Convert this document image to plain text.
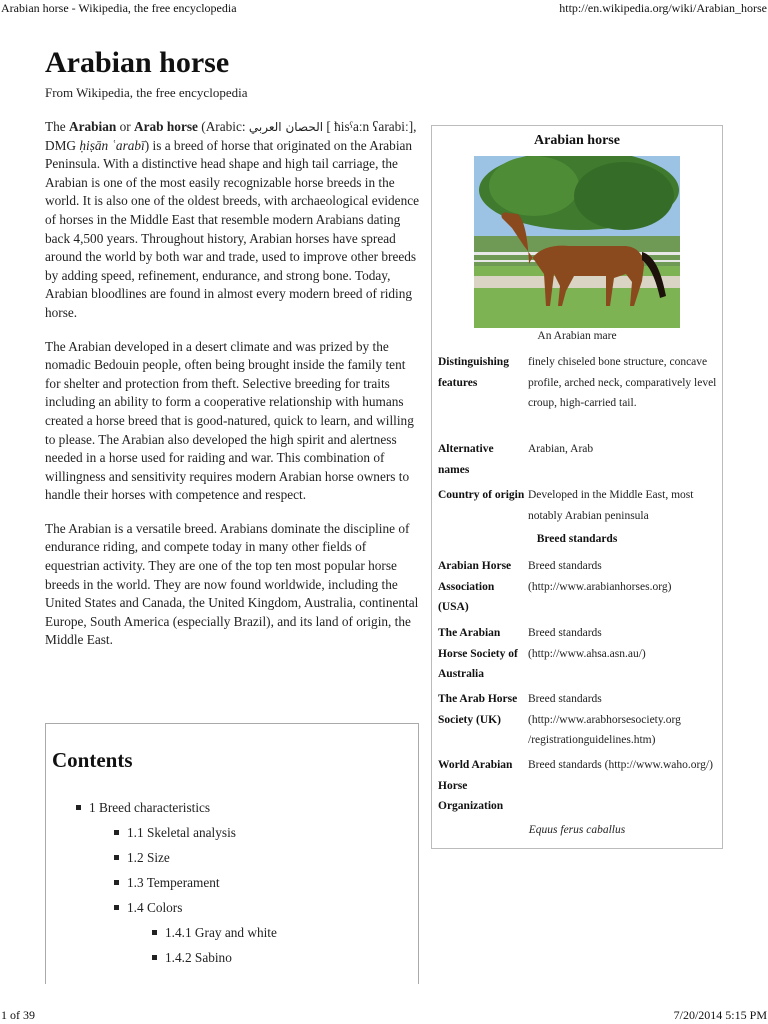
Arabian horse - Wikipedia, the free encyclopedia	http://en.wikipedia.org/wiki/Arabian_horse
Arabian horse
From Wikipedia, the free encyclopedia

The Arabian or Arab horse (Arabic: الحصان العربي [ ħisˤaːn ʕarabiː], DMG ḥiṣān ʿarabī) is a breed of horse that originated on the Arabian Peninsula. With a distinctive head shape and high tail carriage, the Arabian is one of the most easily recognizable horse breeds in the world. It is also one of the oldest breeds, with archaeological evidence of horses in the Middle East that resemble modern Arabians dating back 4,500 years. Throughout history, Arabian horses have spread around the world by both war and trade, used to improve other breeds by adding speed, refinement, endurance, and strong bone. Today, Arabian bloodlines are found in almost every modern breed of riding horse.

The Arabian developed in a desert climate and was prized by the nomadic Bedouin people, often being brought inside the family tent for shelter and protection from theft. Selective breeding for traits including an ability to form a cooperative relationship with humans created a horse breed that is good-natured, quick to learn, and willing to please. The Arabian also developed the high spirit and alertness needed in a horse used for raiding and war. This combination of willingness and sensitivity requires modern Arabian horse owners to handle their horses with competence and respect.

The Arabian is a versatile breed. Arabians dominate the discipline of endurance riding, and compete today in many other fields of equestrian activity. They are one of the top ten most popular horse breeds in the world. They are now found worldwide, including the United States and Canada, the United Kingdom, Australia, continental Europe, South America (especially Brazil), and its land of origin, the Middle East.

Contents
1 Breed characteristics
1.1 Skeletal analysis
1.2 Size
1.3 Temperament
1.4 Colors
1.4.1 Gray and white
1.4.2 Sabino
Arabian horse
An Arabian mare
Distinguishing features
finely chiseled bone structure, concave profile, arched neck, comparatively level croup, high-carried tail.
Alternative names
Arabian, Arab
Country of origin Developed in the Middle East, most notably Arabian peninsula
Breed standards
Arabian Horse Association (USA)
Breed standards (http://www.arabianhorses.org)
The Arabian Horse Society of Australia
Breed standards (http://www.ahsa.asn.au/)
The Arab Horse Society (UK)
Breed standards (http://www.arabhorsesociety.org /registrationguidelines.htm)
World Arabian Horse Organization
Breed standards (http://www.waho.org/)
Equus ferus caballus
1 of 39	7/20/2014 5:15 PM
